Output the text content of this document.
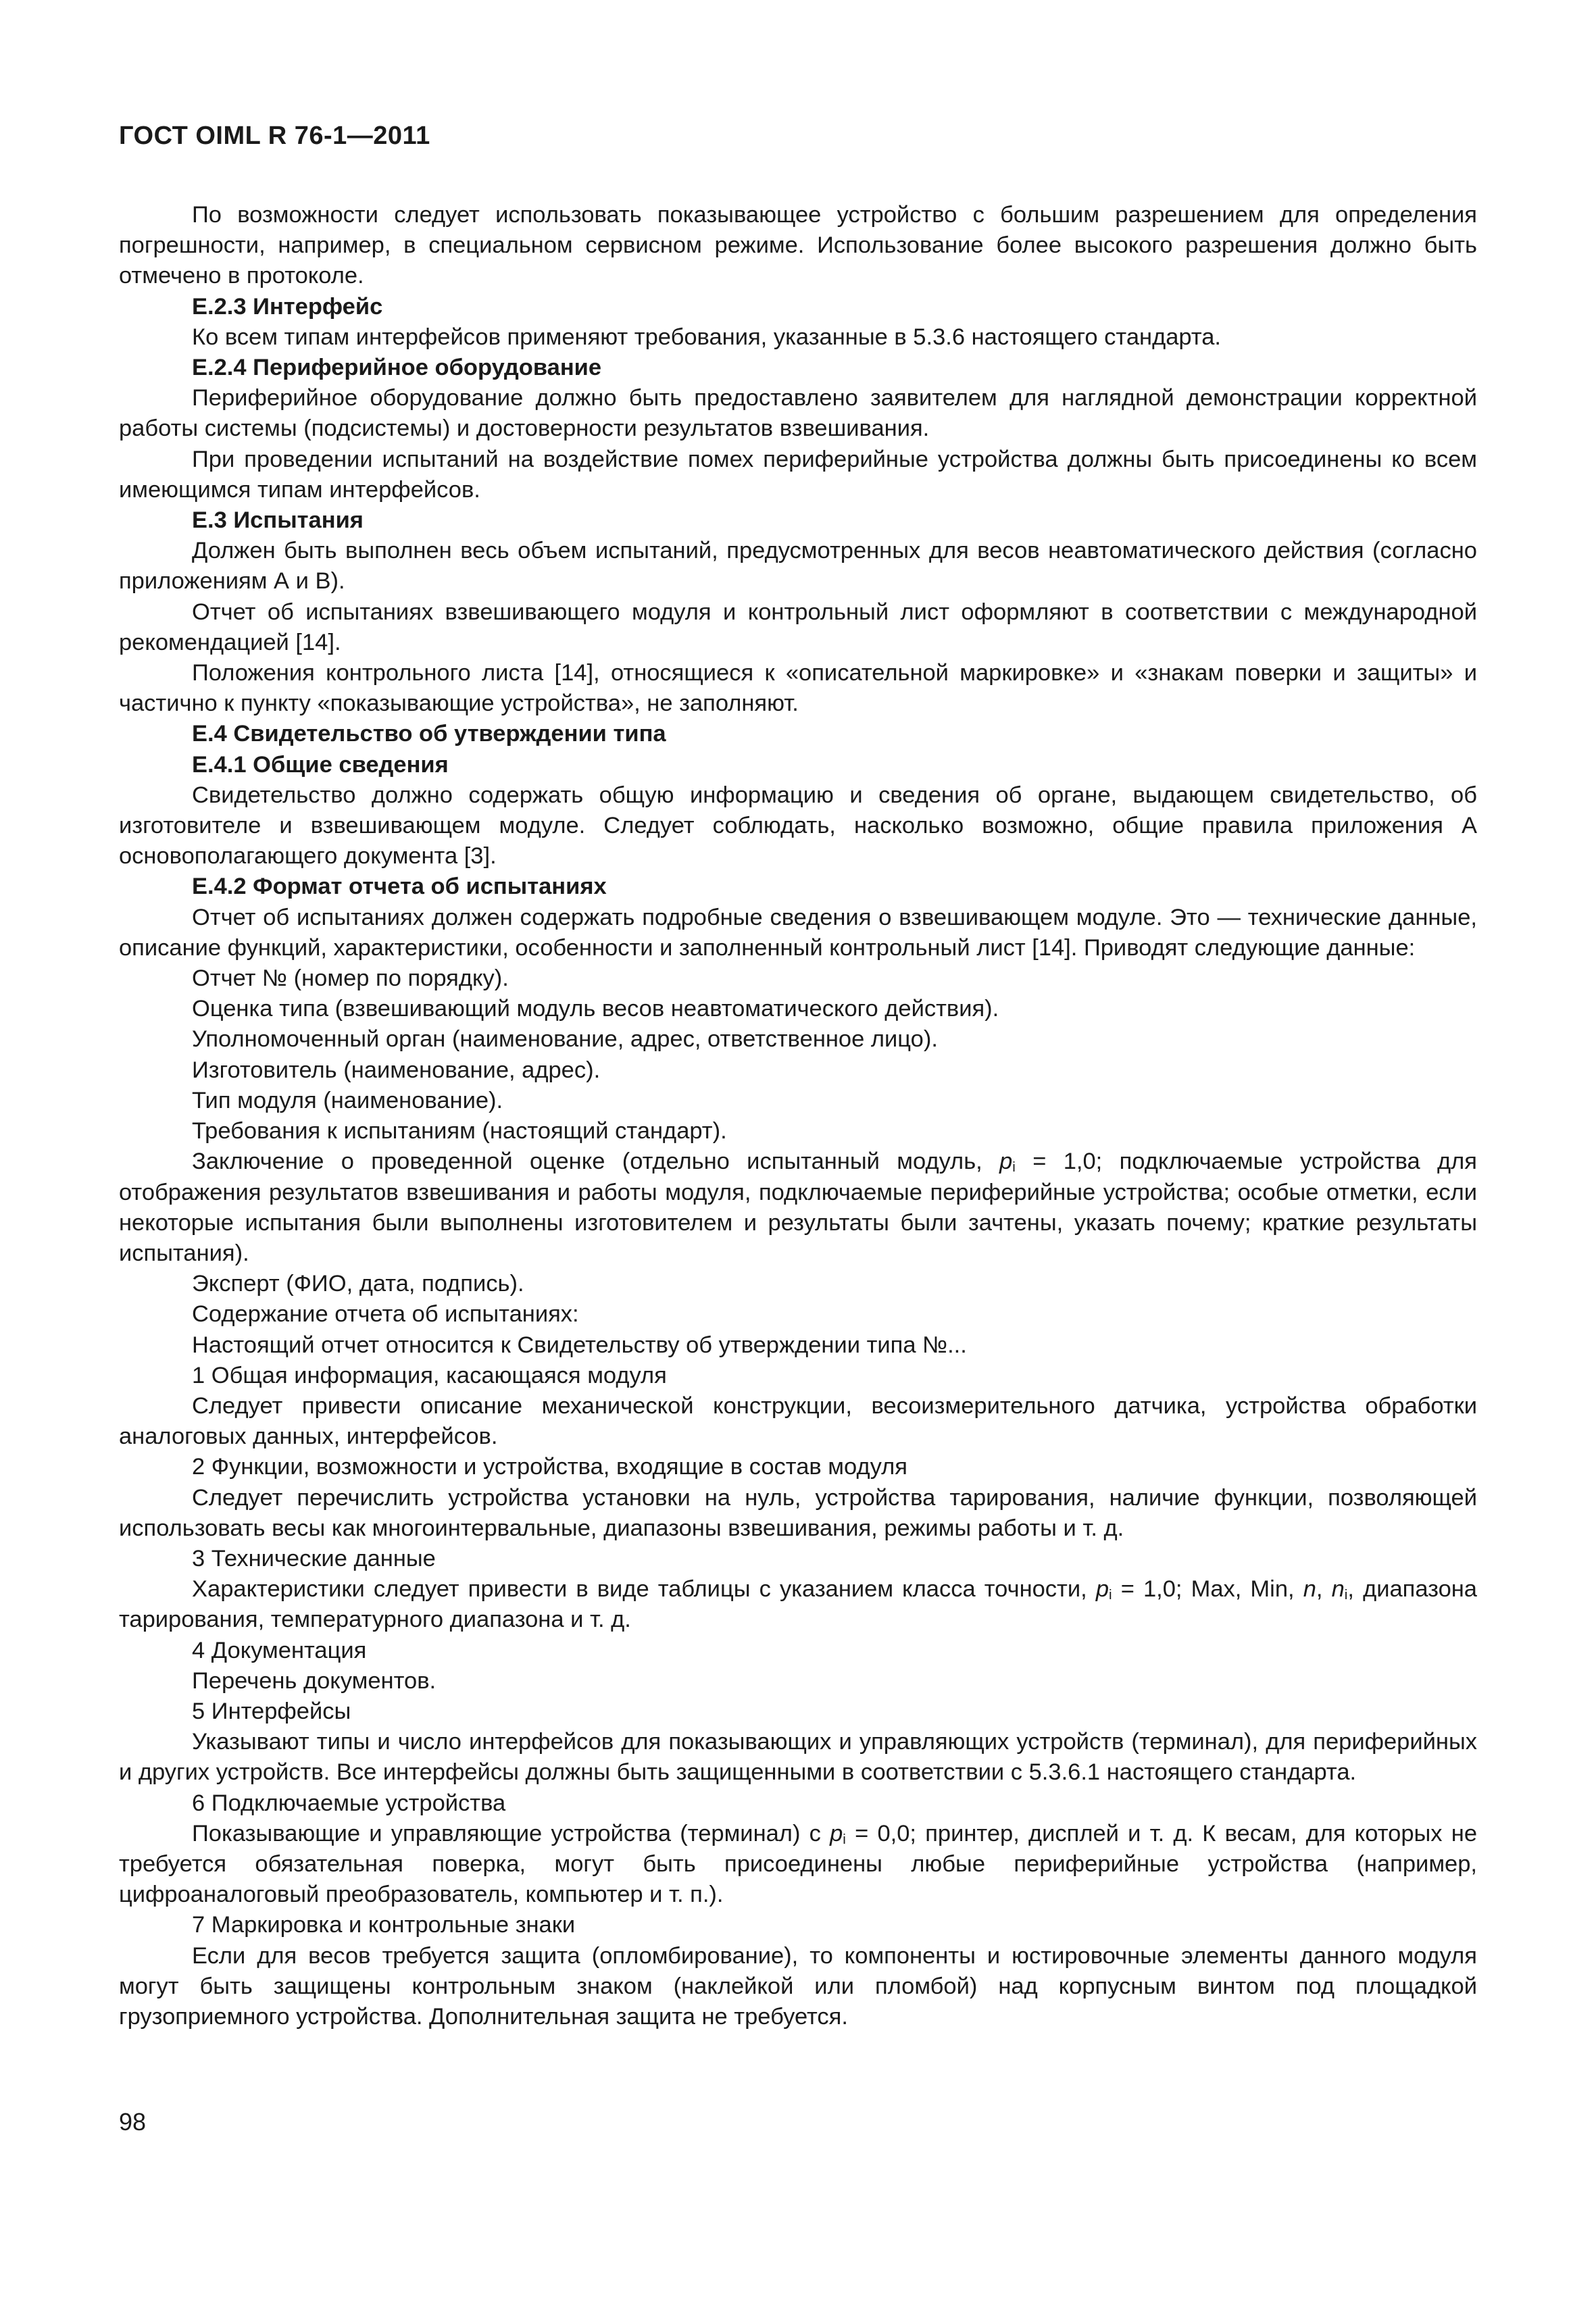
ГОСТ OIML R 76-1—2011

По возможности следует использовать показывающее устройство с большим разрешением для определения погрешности, например, в специальном сервисном режиме. Использование более высокого разрешения должно быть отмечено в протоколе.

Е.2.3 Интерфейс

Ко всем типам интерфейсов применяют требования, указанные в 5.3.6 настоящего стандарта.

Е.2.4 Периферийное оборудование

Периферийное оборудование должно быть предоставлено заявителем для наглядной демонстрации корректной работы системы (подсистемы) и достоверности результатов взвешивания.

При проведении испытаний на воздействие помех периферийные устройства должны быть присоединены ко всем имеющимся типам интерфейсов.

Е.3 Испытания

Должен быть выполнен весь объем испытаний, предусмотренных для весов неавтоматического действия (согласно приложениям А и В).

Отчет об испытаниях взвешивающего модуля и контрольный лист оформляют в соответствии с международной рекомендацией [14].

Положения контрольного листа [14], относящиеся к «описательной маркировке» и «знакам поверки и защиты» и частично к пункту «показывающие устройства», не заполняют.

Е.4 Свидетельство об утверждении типа

Е.4.1 Общие сведения

Свидетельство должно содержать общую информацию и сведения об органе, выдающем свидетельство, об изготовителе и взвешивающем модуле. Следует соблюдать, насколько возможно, общие правила приложения А основополагающего документа [3].

Е.4.2 Формат отчета об испытаниях

Отчет об испытаниях должен содержать подробные сведения о взвешивающем модуле. Это — технические данные, описание функций, характеристики, особенности и заполненный контрольный лист [14]. Приводят следующие данные:

Отчет № (номер по порядку).

Оценка типа (взвешивающий модуль весов неавтоматического действия).

Уполномоченный орган (наименование, адрес, ответственное лицо).

Изготовитель (наименование, адрес).

Тип модуля (наименование).

Требования к испытаниям (настоящий стандарт).

Заключение о проведенной оценке (отдельно испытанный модуль, $p_i = 1,0$; подключаемые устройства для отображения результатов взвешивания и работы модуля, подключаемые периферийные устройства; особые отметки, если некоторые испытания были выполнены изготовителем и результаты были зачтены, указать почему; краткие результаты испытания).

Эксперт (ФИО, дата, подпись).

Содержание отчета об испытаниях:

Настоящий отчет относится к Свидетельству об утверждении типа №...

1 Общая информация, касающаяся модуля

Следует привести описание механической конструкции, весоизмерительного датчика, устройства обработки аналоговых данных, интерфейсов.

2 Функции, возможности и устройства, входящие в состав модуля

Следует перечислить устройства установки на нуль, устройства тарирования, наличие функции, позволяющей использовать весы как многоинтервальные, диапазоны взвешивания, режимы работы и т. д.

3 Технические данные

Характеристики следует привести в виде таблицы с указанием класса точности, $p_i = 1,0$; Max, Min, n, $n_i$, диапазона тарирования, температурного диапазона и т. д.

4 Документация

Перечень документов.

5 Интерфейсы

Указывают типы и число интерфейсов для показывающих и управляющих устройств (терминал), для периферийных и других устройств. Все интерфейсы должны быть защищенными в соответствии с 5.3.6.1 настоящего стандарта.

6 Подключаемые устройства

Показывающие и управляющие устройства (терминал) с $p_i = 0,0$; принтер, дисплей и т. д. К весам, для которых не требуется обязательная поверка, могут быть присоединены любые периферийные устройства (например, цифроаналоговый преобразователь, компьютер и т. п.).

7 Маркировка и контрольные знаки

Если для весов требуется защита (опломбирование), то компоненты и юстировочные элементы данного модуля могут быть защищены контрольным знаком (наклейкой или пломбой) над корпусным винтом под площадкой грузоприемного устройства. Дополнительная защита не требуется.

98
